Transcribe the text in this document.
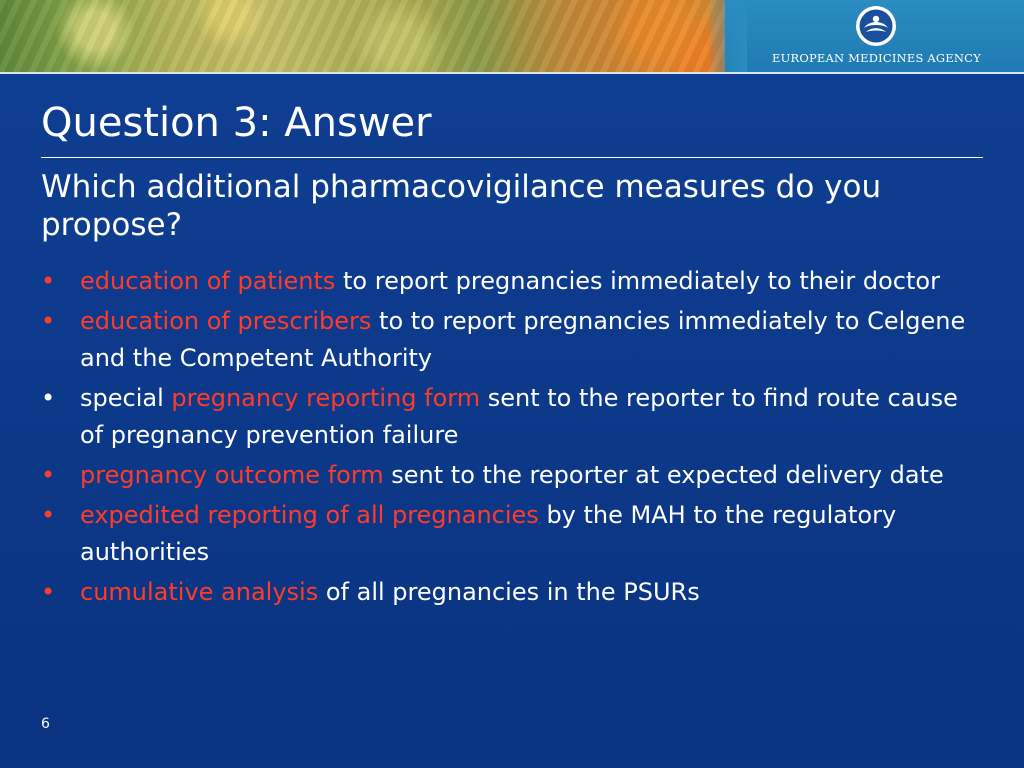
EUROPEAN MEDICINES AGENCY
Question 3: Answer
Which additional pharmacovigilance measures do you propose?
• education of patients to report pregnancies immediately to their doctor
• education of prescribers to to report pregnancies immediately to Celgene and the Competent Authority
• special pregnancy reporting form sent to the reporter to find route cause of pregnancy prevention failure
• pregnancy outcome form sent to the reporter at expected delivery date
• expedited reporting of all pregnancies by the MAH to the regulatory authorities
• cumulative analysis of all pregnancies in the PSURs
6
